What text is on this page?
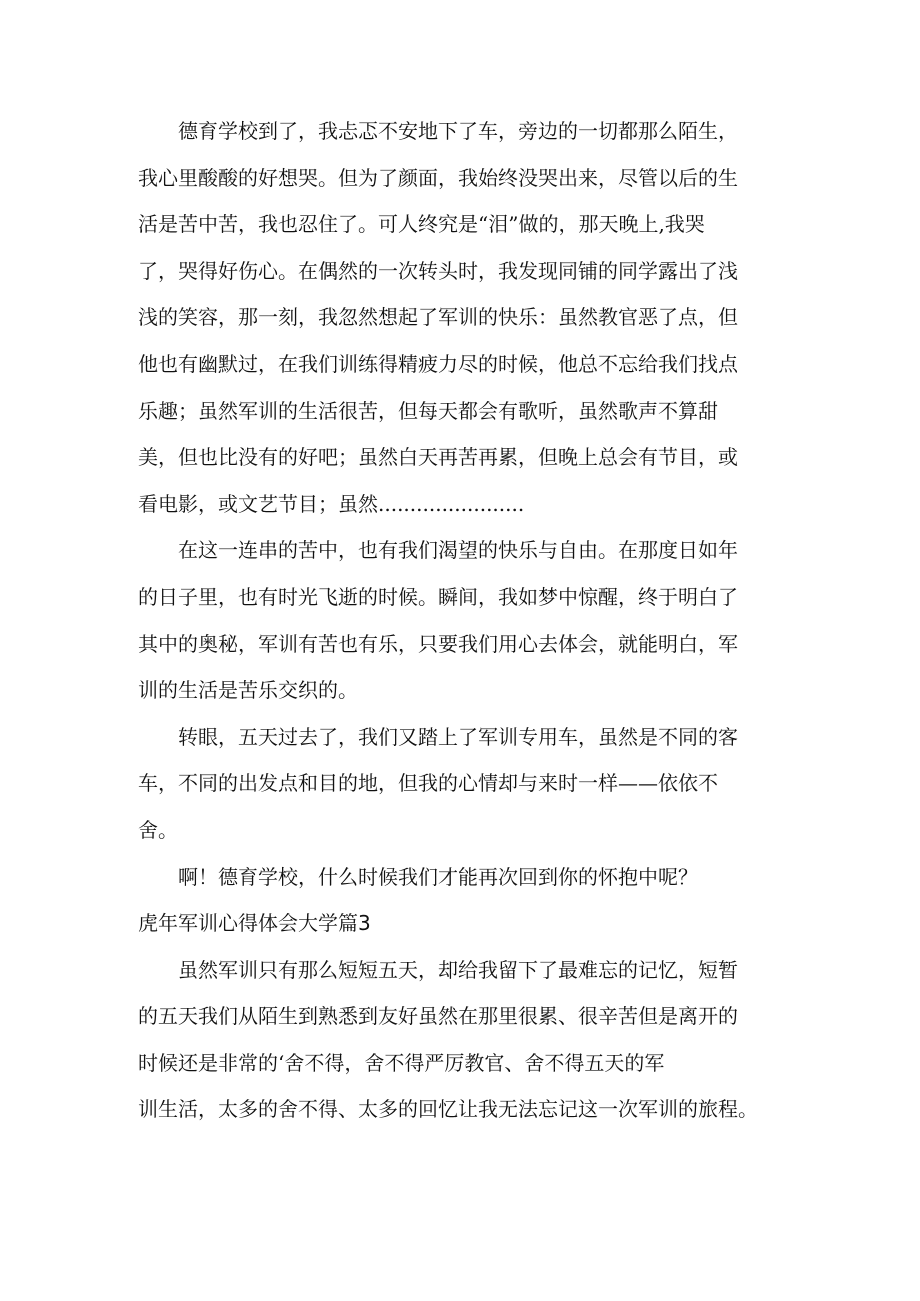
德育学校到了，我忐忑不安地下了车，旁边的一切都那么陌生，
我心里酸酸的好想哭。但为了颜面，我始终没哭出来，尽管以后的生
活是苦中苦，我也忍住了。可人终究是“泪”做的，那天晚上,我哭
了，哭得好伤心。在偶然的一次转头时，我发现同铺的同学露出了浅
浅的笑容，那一刻，我忽然想起了军训的快乐：虽然教官恶了点，但
他也有幽默过，在我们训练得精疲力尽的时候，他总不忘给我们找点
乐趣；虽然军训的生活很苦，但每天都会有歌听，虽然歌声不算甜
美，但也比没有的好吧；虽然白天再苦再累，但晚上总会有节目，或
看电影，或文艺节目；虽然.......................
在这一连串的苦中，也有我们渴望的快乐与自由。在那度日如年
的日子里，也有时光飞逝的时候。瞬间，我如梦中惊醒，终于明白了
其中的奥秘，军训有苦也有乐，只要我们用心去体会，就能明白，军
训的生活是苦乐交织的。
转眼，五天过去了，我们又踏上了军训专用车，虽然是不同的客
车，不同的出发点和目的地，但我的心情却与来时一样——依依不
舍。
啊！德育学校，什么时候我们才能再次回到你的怀抱中呢？
虎年军训心得体会大学篇3
虽然军训只有那么短短五天，却给我留下了最难忘的记忆，短暂
的五天我们从陌生到熟悉到友好虽然在那里很累、很辛苦但是离开的
时候还是非常的‘舍不得，舍不得严厉教官、舍不得五天的军
训生活，太多的舍不得、太多的回忆让我无法忘记这一次军训的旅程。
